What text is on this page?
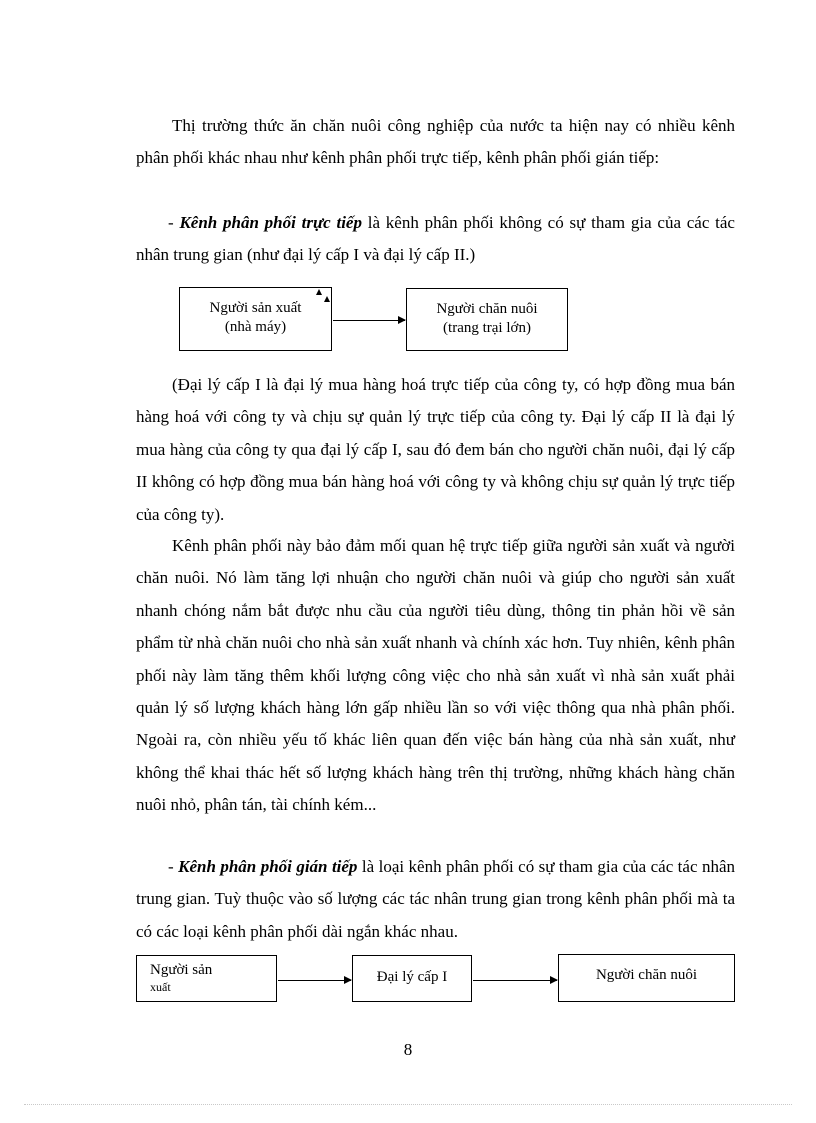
Thị trường thức ăn chăn nuôi công nghiệp của nước ta hiện nay có nhiều kênh phân phối khác nhau như kênh phân phối trực tiếp, kênh phân phối gián tiếp:

- Kênh phân phối trực tiếp là kênh phân phối không có sự tham gia của các tác nhân trung gian (như đại lý cấp I và đại lý cấp II.)

Người sản xuất
(nhà máy)
Người chăn nuôi
(trang trại lớn)

(Đại lý cấp I là đại lý mua hàng hoá trực tiếp của công ty, có hợp đồng mua bán hàng hoá với công ty và chịu sự quản lý trực tiếp của công ty. Đại lý cấp II là đại lý mua hàng của công ty qua đại lý cấp I, sau đó đem bán cho người chăn nuôi, đại lý cấp II không có hợp đồng mua bán hàng hoá với công ty và không chịu sự quản lý trực tiếp của công ty).

Kênh phân phối này bảo đảm mối quan hệ trực tiếp giữa người sản xuất và người chăn nuôi. Nó làm tăng lợi nhuận cho người chăn nuôi và giúp cho người sản xuất nhanh chóng nắm bắt được nhu cầu của người tiêu dùng, thông tin phản hồi về sản phẩm từ nhà chăn nuôi cho nhà sản xuất nhanh và chính xác hơn. Tuy nhiên, kênh phân phối này làm tăng thêm khối lượng công việc cho nhà sản xuất vì nhà sản xuất phải quản lý số lượng khách hàng lớn gấp nhiều lần so với việc thông qua nhà phân phối. Ngoài ra, còn nhiều yếu tố khác liên quan đến việc bán hàng của nhà sản xuất, như không thể khai thác hết số lượng khách hàng trên thị trường, những khách hàng chăn nuôi nhỏ, phân tán, tài chính kém...

- Kênh phân phối gián tiếp là loại kênh phân phối có sự tham gia của các tác nhân trung gian. Tuỳ thuộc vào số lượng các tác nhân trung gian trong kênh phân phối mà ta có các loại kênh phân phối dài ngắn khác nhau.

Người sản
xuất
Đại lý cấp I	Người chăn nuôi
8
